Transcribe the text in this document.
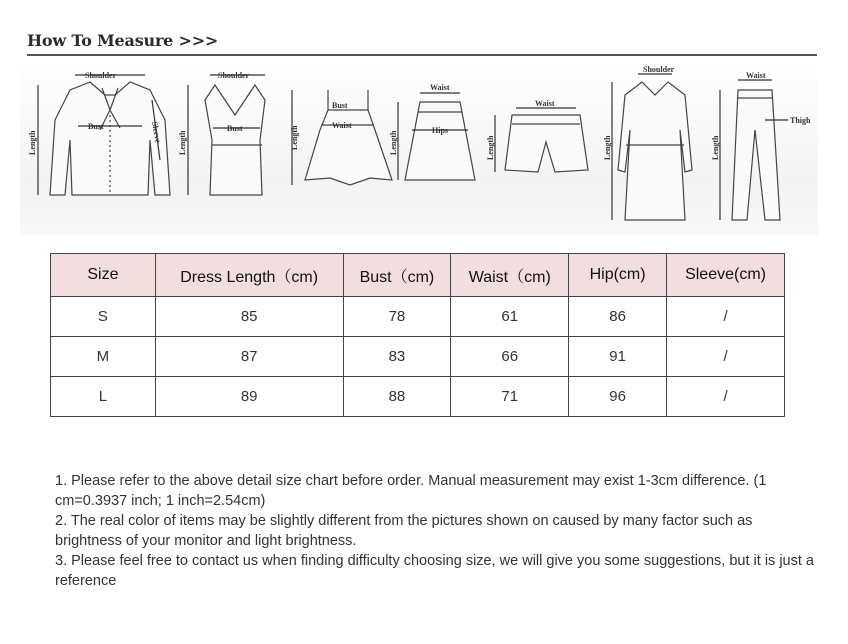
How To Measure >>>
Shoulder
Bust
Length	Sleeve
Shoulder
Bust
Length
Bust
Waist
Length
Waist
Hips
Length
Waist
Length
Shoulder
Length
Waist
Thigh
Length
Size	Dress Length（cm)	Bust（cm)	Waist（cm)	Hip(cm)	Sleeve(cm)
S	85	78	61	86	/
M	87	83	66	91	/
L	89	88	71	96	/

1. Please refer to the above detail size chart before order. Manual measurement may exist 1-3cm difference. (1 cm=0.3937 inch; 1 inch=2.54cm)

2. The real color of items may be slightly different from the pictures shown on caused by many factor such as brightness of your monitor and light brightness.

3. Please feel free to contact us when finding difficulty choosing size, we will give you some suggestions, but it is just a reference
